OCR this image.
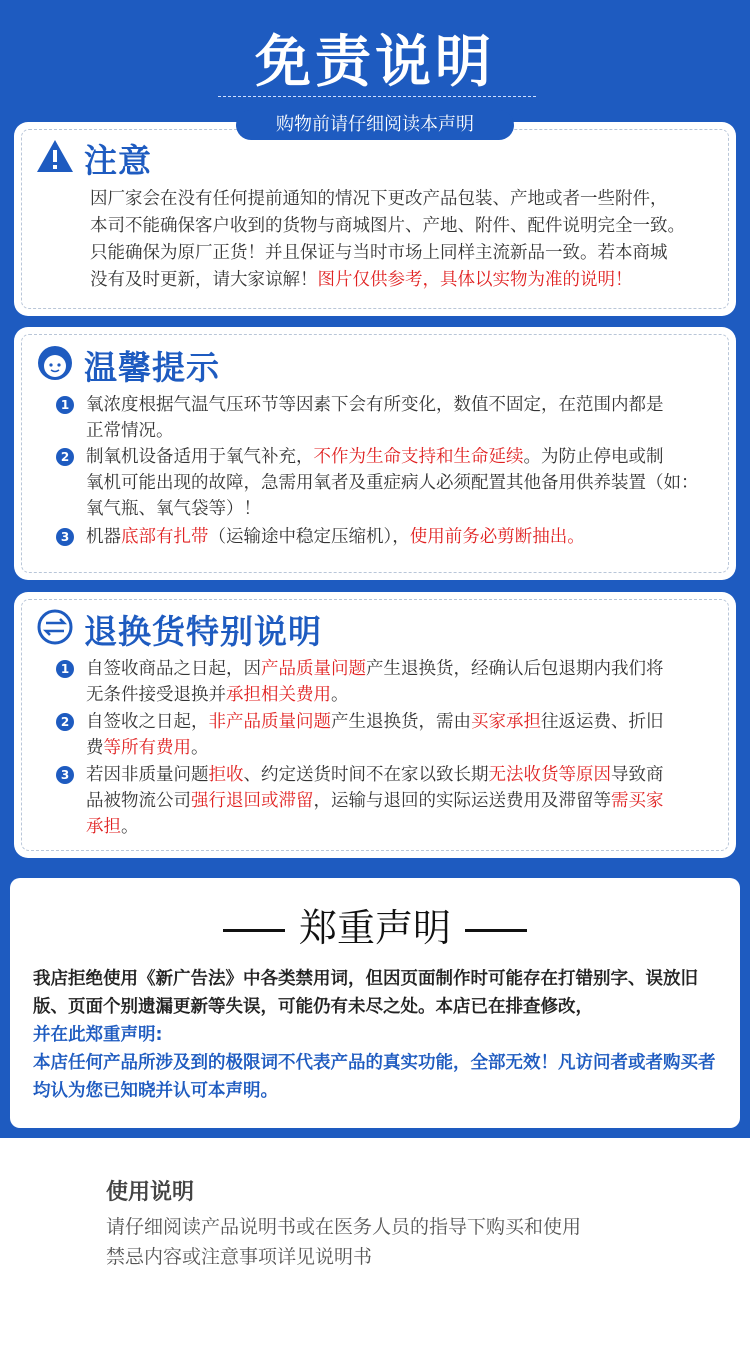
免责说明
购物前请仔细阅读本声明
注意
因厂家会在没有任何提前通知的情况下更改产品包装、产地或者一些附件，
本司不能确保客户收到的货物与商城图片、产地、附件、配件说明完全一致。
只能确保为原厂正货！并且保证与当时市场上同样主流新品一致。若本商城
没有及时更新，请大家谅解！图片仅供参考，具体以实物为准的说明！
温馨提示
1 氧浓度根据气温气压环节等因素下会有所变化，数值不固定，在范围内都是
正常情况。
2 制氧机设备适用于氧气补充，不作为生命支持和生命延续。为防止停电或制
氧机可能出现的故障，急需用氧者及重症病人必须配置其他备用供养装置（如：
氧气瓶、氧气袋等）！
3 机器底部有扎带（运输途中稳定压缩机），使用前务必剪断抽出。
退换货特别说明
1 自签收商品之日起，因产品质量问题产生退换货，经确认后包退期内我们将
无条件接受退换并承担相关费用。
2 自签收之日起，非产品质量问题产生退换货，需由买家承担往返运费、折旧
费等所有费用。
3 若因非质量问题拒收、约定送货时间不在家以致长期无法收货等原因导致商
品被物流公司强行退回或滞留，运输与退回的实际运送费用及滞留等需买家
承担。
郑重声明
我店拒绝使用《新广告法》中各类禁用词，但因页面制作时可能存在打错别字、误放旧版、页面个别遗漏更新等失误，可能仍有未尽之处。本店已在排查修改，
并在此郑重声明:
本店任何产品所涉及到的极限词不代表产品的真实功能，全部无效！凡访问者或者购买者均认为您已知晓并认可本声明。
使用说明
请仔细阅读产品说明书或在医务人员的指导下购买和使用
禁忌内容或注意事项详见说明书
